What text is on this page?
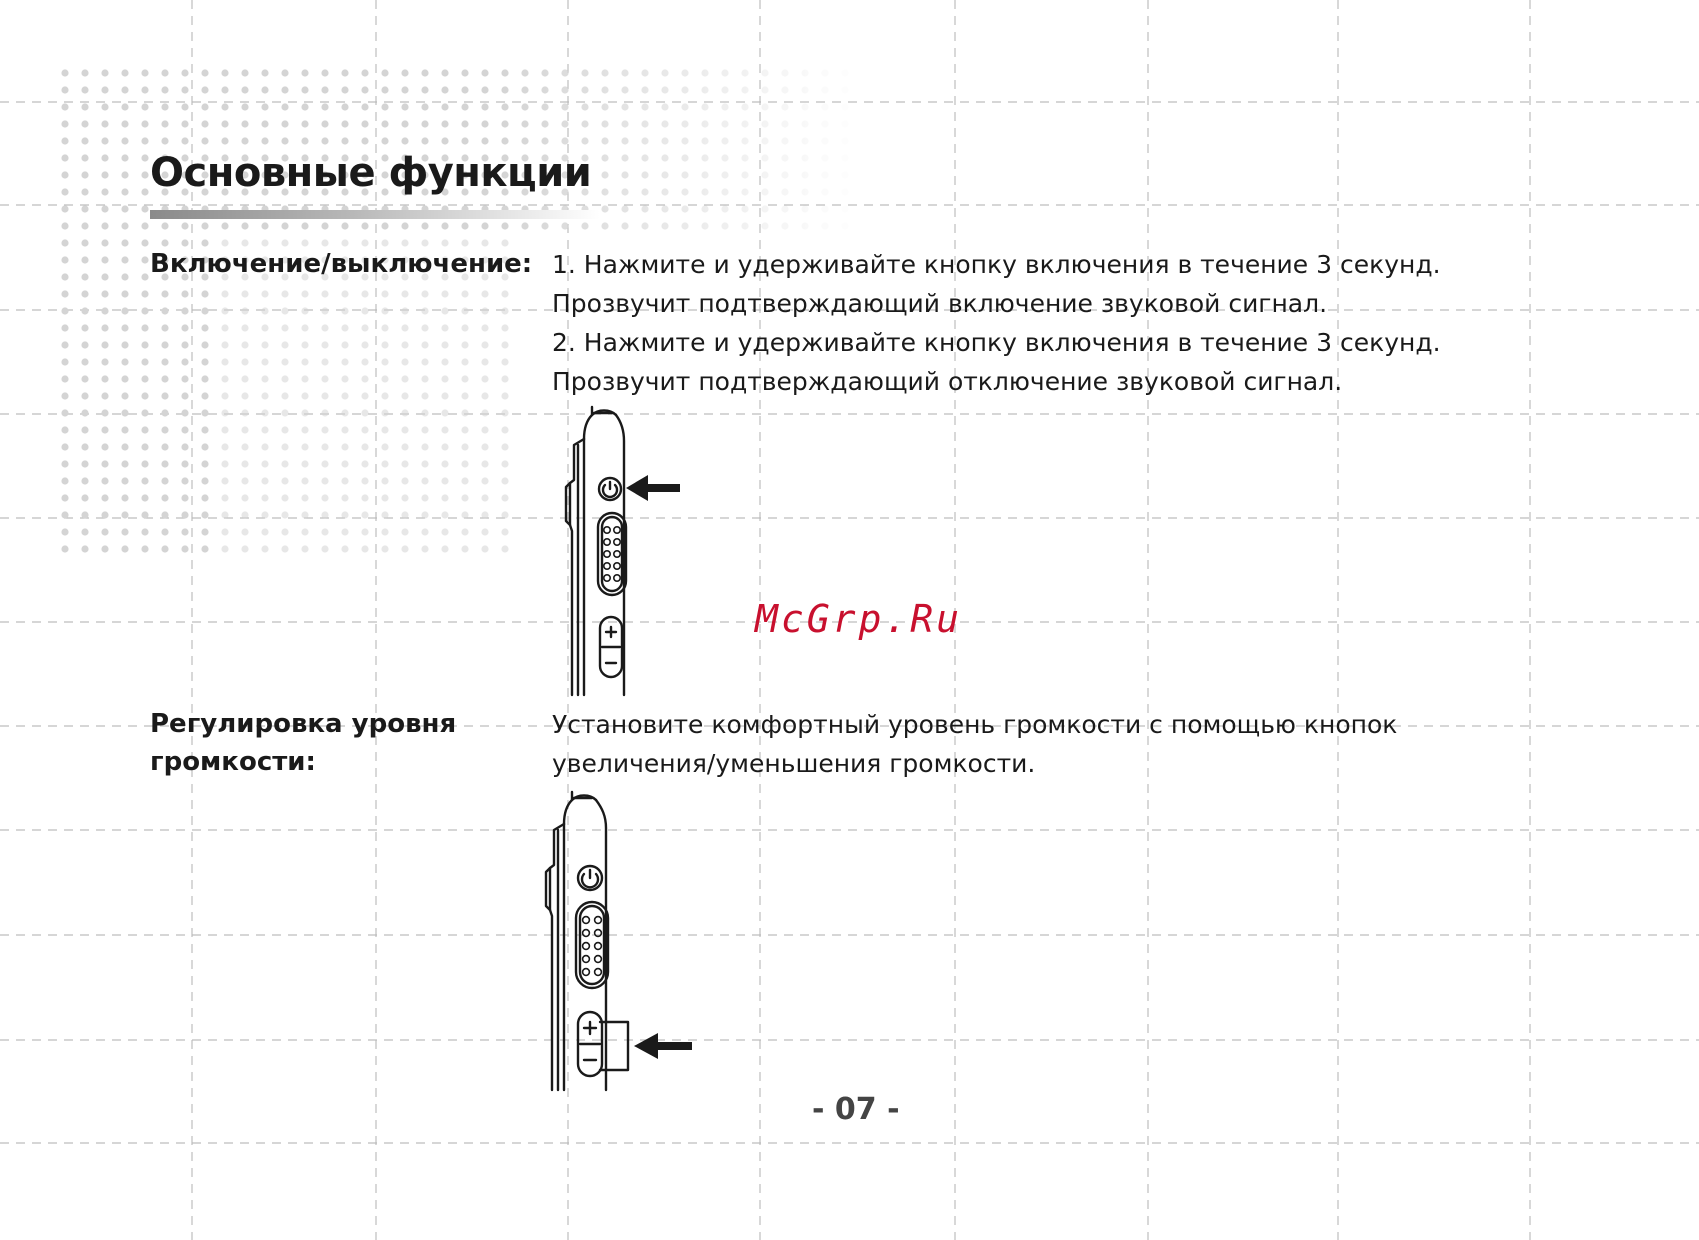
Основные функции
Включение/выключение: 1. Нажмите и удерживайте кнопку включения в течение 3 секунд.
Прозвучит подтверждающий включение звуковой сигнал.
2. Нажмите и удерживайте кнопку включения в течение 3 секунд.
Прозвучит подтверждающий отключение звуковой сигнал.
McGrp.Ru
Регулировка уровня
громкости:
Установите комфортный уровень громкости с помощью кнопок
увеличения/уменьшения громкости.
- 07 -
